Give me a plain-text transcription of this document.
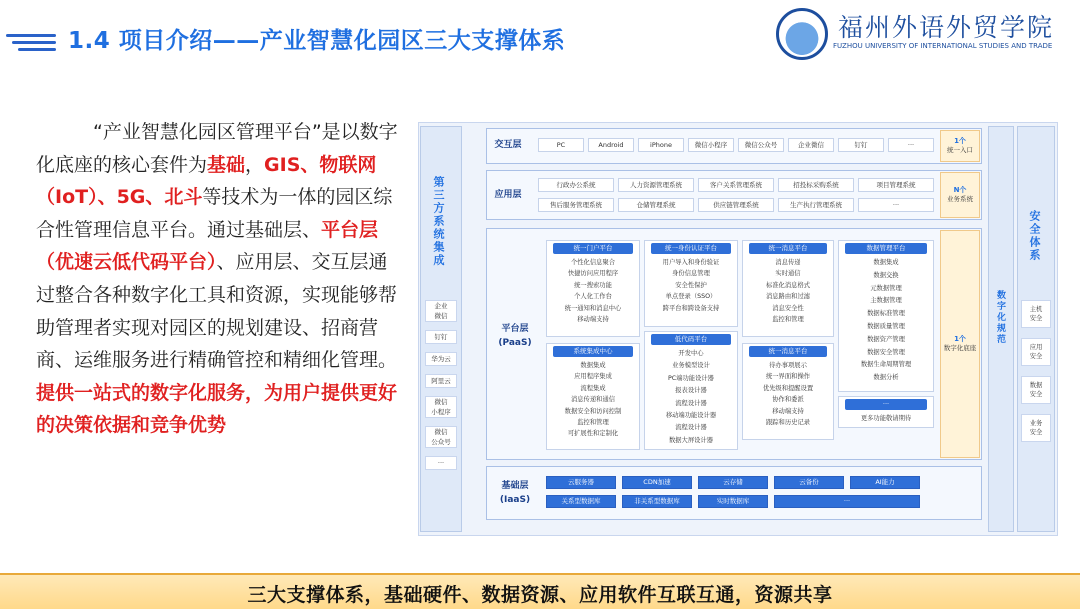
1.4 项目介绍——产业智慧化园区三大支撑体系	福州外语外贸学院
FUZHOU UNIVERSITY OF INTERNATIONAL STUDIES AND TRADE
“产业智慧化园区管理平台”是以数字化底座的核心套件为基础，GIS、物联网 （IoT）、5G、北斗等技术为一体的园区综合性管理信息平台。通过基础层、平台层（优速云低代码平台）、应用层、交互层通过整合各种数字化工具和资源，实现能够帮助管理者实现对园区的规划建设、招商营商、运维服务进行精确管控和精细化管理。提供一站式的数字化服务，为用户提供更好的决策依据和竞争优势
第三方系统集成
企业
微信
钉钉
华为云
阿里云
微信
小程序
微信
公众号
···
交互层	PC	Android	iPhone	微信小程序	微信公众号	企业微信	钉钉	···	1个
统一入口
应用层
行政办公系统	人力资源管理系统	客户关系管理系统	招投标采购系统	项目管理系统
售后服务管理系统	仓储管理系统	供应链管理系统	生产执行管理系统	···
N个
业务系统
平台层
(PaaS)	1个
数字化底座
统一门户平台
个性化信息聚合
快捷访问应用程序
统一搜索功能
个人化工作台
统一通知和消息中心
移动端支持
统一身份认证平台
用户导入和身份验证
身份信息管理
安全性保护
单点登录（SSO）
跨平台和跨设备支持
统一消息平台
消息传递
实时通信
标准化消息格式
消息路由和过滤
消息安全性
监控和管理
数据管理平台
数据集成
数据交换
元数据管理
主数据管理
数据标准管理
数据质量管理
数据资产管理
数据安全管理
数据生命周期管理
数据分析
系统集成中心
数据集成
应用程序集成
流程集成
消息传递和通信
数据安全和访问控制
监控和管理
可扩展性和定制化
低代码平台
开发中心
业务模型设计
PC端功能设计器
报表设计器
流程设计器
移动端功能设计器
流程设计器
数据大屏设计器
统一消息平台
待办事项展示
统一界面和操作
优先级和提醒设置
协作和委派
移动端支持
跟踪和历史记录
···
更多功能敬请期待
基础层
(IaaS)
云服务器	CDN加速	云存储	云备份	AI能力
关系型数据库	非关系型数据库	实时数据库	···
数字化规范
安全体系
主机
安全
应用
安全
数据
安全
业务
安全
三大支撑体系，基础硬件、数据资源、应用软件互联互通，资源共享
